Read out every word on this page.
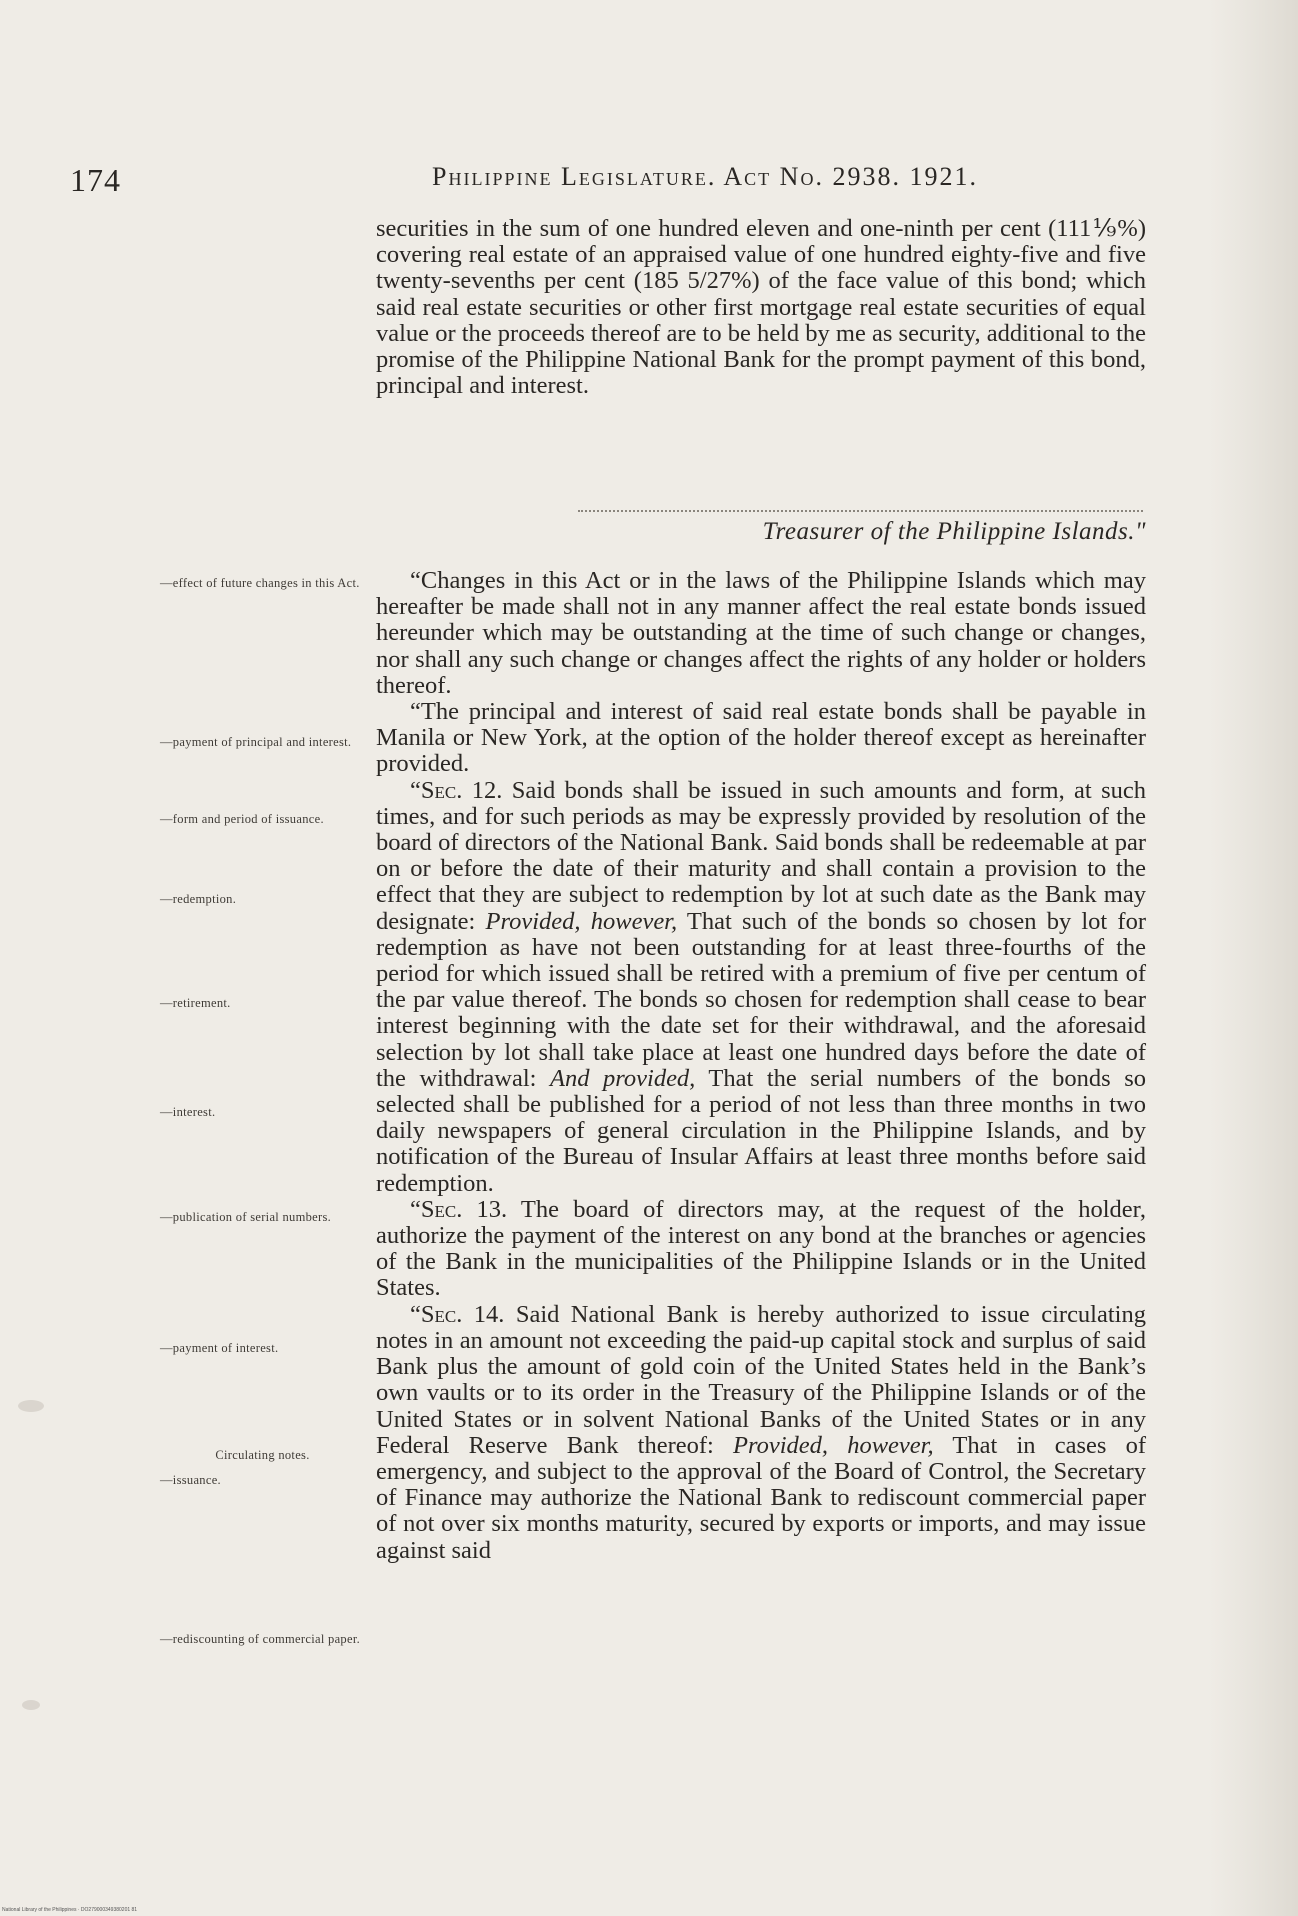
174	Philippine Legislature. Act No. 2938. 1921.

securities in the sum of one hundred eleven and one-ninth per cent (111⅑%) covering real estate of an appraised value of one hundred eighty-five and five twenty-sevenths per cent (185 5/27%) of the face value of this bond; which said real estate securities or other first mortgage real estate securities of equal value or the proceeds thereof are to be held by me as security, additional to the promise of the Philippine National Bank for the prompt payment of this bond, principal and interest.

Treasurer of the Philippine Islands."

“Changes in this Act or in the laws of the Philippine Islands which may hereafter be made shall not in any manner affect the real estate bonds issued hereunder which may be outstanding at the time of such change or changes, nor shall any such change or changes affect the rights of any holder or holders thereof.

“The principal and interest of said real estate bonds shall be payable in Manila or New York, at the option of the holder thereof except as hereinafter provided.

“Sec. 12. Said bonds shall be issued in such amounts and form, at such times, and for such periods as may be expressly provided by resolution of the board of directors of the National Bank. Said bonds shall be redeemable at par on or before the date of their maturity and shall contain a provision to the effect that they are subject to redemption by lot at such date as the Bank may designate: Provided, however, That such of the bonds so chosen by lot for redemption as have not been outstanding for at least three-fourths of the period for which issued shall be retired with a premium of five per centum of the par value thereof. The bonds so chosen for redemption shall cease to bear interest beginning with the date set for their withdrawal, and the aforesaid selection by lot shall take place at least one hundred days before the date of the withdrawal: And provided, That the serial numbers of the bonds so selected shall be published for a period of not less than three months in two daily newspapers of general circulation in the Philippine Islands, and by notification of the Bureau of Insular Affairs at least three months before said redemption.

“Sec. 13. The board of directors may, at the request of the holder, authorize the payment of the interest on any bond at the branches or agencies of the Bank in the municipalities of the Philippine Islands or in the United States.

“Sec. 14. Said National Bank is hereby authorized to issue circulating notes in an amount not exceeding the paid-up capital stock and surplus of said Bank plus the amount of gold coin of the United States held in the Bank’s own vaults or to its order in the Treasury of the Philippine Islands or of the United States or in solvent National Banks of the United States or in any Federal Reserve Bank thereof: Provided, however, That in cases of emergency, and subject to the approval of the Board of Control, the Secretary of Finance may authorize the National Bank to rediscount commercial paper of not over six months maturity, secured by exports or imports, and may issue against said

—effect of future changes in this Act.
—payment of principal and interest.
—form and period of issuance.
—redemption.
—retirement.
—interest.
—publication of serial numbers.
—payment of interest.
Circulating notes.
—issuance.
—rediscounting of commercial paper.
National Library of the Philippines · DO279000349380201 81
